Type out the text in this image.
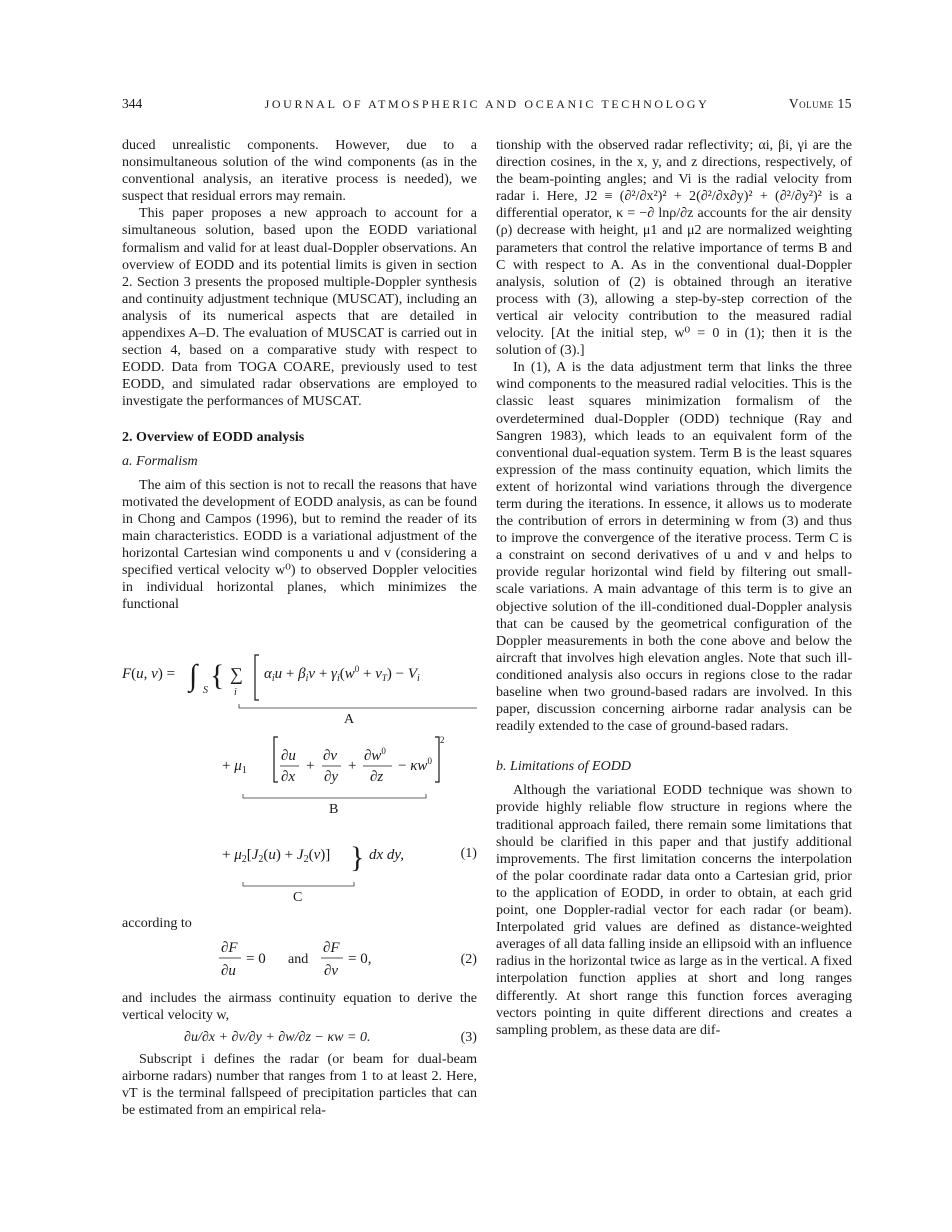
344	JOURNAL OF ATMOSPHERIC AND OCEANIC TECHNOLOGY	Volume 15

duced unrealistic components. However, due to a nonsimultaneous solution of the wind components (as in the conventional analysis, an iterative process is needed), we suspect that residual errors may remain.

This paper proposes a new approach to account for a simultaneous solution, based upon the EODD variational formalism and valid for at least dual-Doppler observations. An overview of EODD and its potential limits is given in section 2. Section 3 presents the proposed multiple-Doppler synthesis and continuity adjustment technique (MUSCAT), including an analysis of its numerical aspects that are detailed in appendixes A–D. The evaluation of MUSCAT is carried out in section 4, based on a comparative study with respect to EODD. Data from TOGA COARE, previously used to test EODD, and simulated radar observations are employed to investigate the performances of MUSCAT.

2. Overview of EODD analysis
a. Formalism

The aim of this section is not to recall the reasons that have motivated the development of EODD analysis, as can be found in Chong and Campos (1996), but to remind the reader of its main characteristics. EODD is a variational adjustment of the horizontal Cartesian wind components u and v (considering a specified vertical velocity w⁰) to observed Doppler velocities in individual horizontal planes, which minimizes the functional

F(u, v) = ∫ S { ∑
i
$\alpha_iu + \beta_iv + \gamma_i(w^0 + v_T) - V_i$
+ $\mu_1$
∂u
∂x
+
∂v
∂y
+
$\partial w^0$
∂z
− $\kappa w^0$
2
+ $\mu_2[J_2(u) + J_2(v)]$ } dx dy,
A
B
C
(1)
according to
∂F
∂u
= 0
∂F
∂v
= 0,
and	(2)

and includes the airmass continuity equation to derive the vertical velocity w,

∂u/∂x + ∂v/∂y + ∂w/∂z − κw = 0.	(3)

Subscript i defines the radar (or beam for dual-beam airborne radars) number that ranges from 1 to at least 2. Here, vT is the terminal fallspeed of precipitation particles that can be estimated from an empirical rela-

tionship with the observed radar reflectivity; αi, βi, γi are the direction cosines, in the x, y, and z directions, respectively, of the beam-pointing angles; and Vi is the radial velocity from radar i. Here, J2 ≡ (∂²/∂x²)² + 2(∂²/∂x∂y)² + (∂²/∂y²)² is a differential operator, κ = −∂ lnρ/∂z accounts for the air density (ρ) decrease with height, μ1 and μ2 are normalized weighting parameters that control the relative importance of terms B and C with respect to A. As in the conventional dual-Doppler analysis, solution of (2) is obtained through an iterative process with (3), allowing a step-by-step correction of the vertical air velocity contribution to the measured radial velocity. [At the initial step, w⁰ = 0 in (1); then it is the solution of (3).]

In (1), A is the data adjustment term that links the three wind components to the measured radial velocities. This is the classic least squares minimization formalism of the overdetermined dual-Doppler (ODD) technique (Ray and Sangren 1983), which leads to an equivalent form of the conventional dual-equation system. Term B is the least squares expression of the mass continuity equation, which limits the extent of horizontal wind variations through the divergence term during the iterations. In essence, it allows us to moderate the contribution of errors in determining w from (3) and thus to improve the convergence of the iterative process. Term C is a constraint on second derivatives of u and v and helps to provide regular horizontal wind field by filtering out small-scale variations. A main advantage of this term is to give an objective solution of the ill-conditioned dual-Doppler analysis that can be caused by the geometrical configuration of the Doppler measurements in both the cone above and below the aircraft that involves high elevation angles. Note that such ill-conditioned analysis also occurs in regions close to the radar baseline when two ground-based radars are involved. In this paper, discussion concerning airborne radar analysis can be readily extended to the case of ground-based radars.

b. Limitations of EODD

Although the variational EODD technique was shown to provide highly reliable flow structure in regions where the traditional approach failed, there remain some limitations that should be clarified in this paper and that justify additional improvements. The first limitation concerns the interpolation of the polar coordinate radar data onto a Cartesian grid, prior to the application of EODD, in order to obtain, at each grid point, one Doppler-radial vector for each radar (or beam). Interpolated grid values are defined as distance-weighted averages of all data falling inside an ellipsoid with an influence radius in the horizontal twice as large as in the vertical. A fixed interpolation function applies at short and long ranges differently. At short range this function forces averaging vectors pointing in quite different directions and creates a sampling problem, as these data are dif-
